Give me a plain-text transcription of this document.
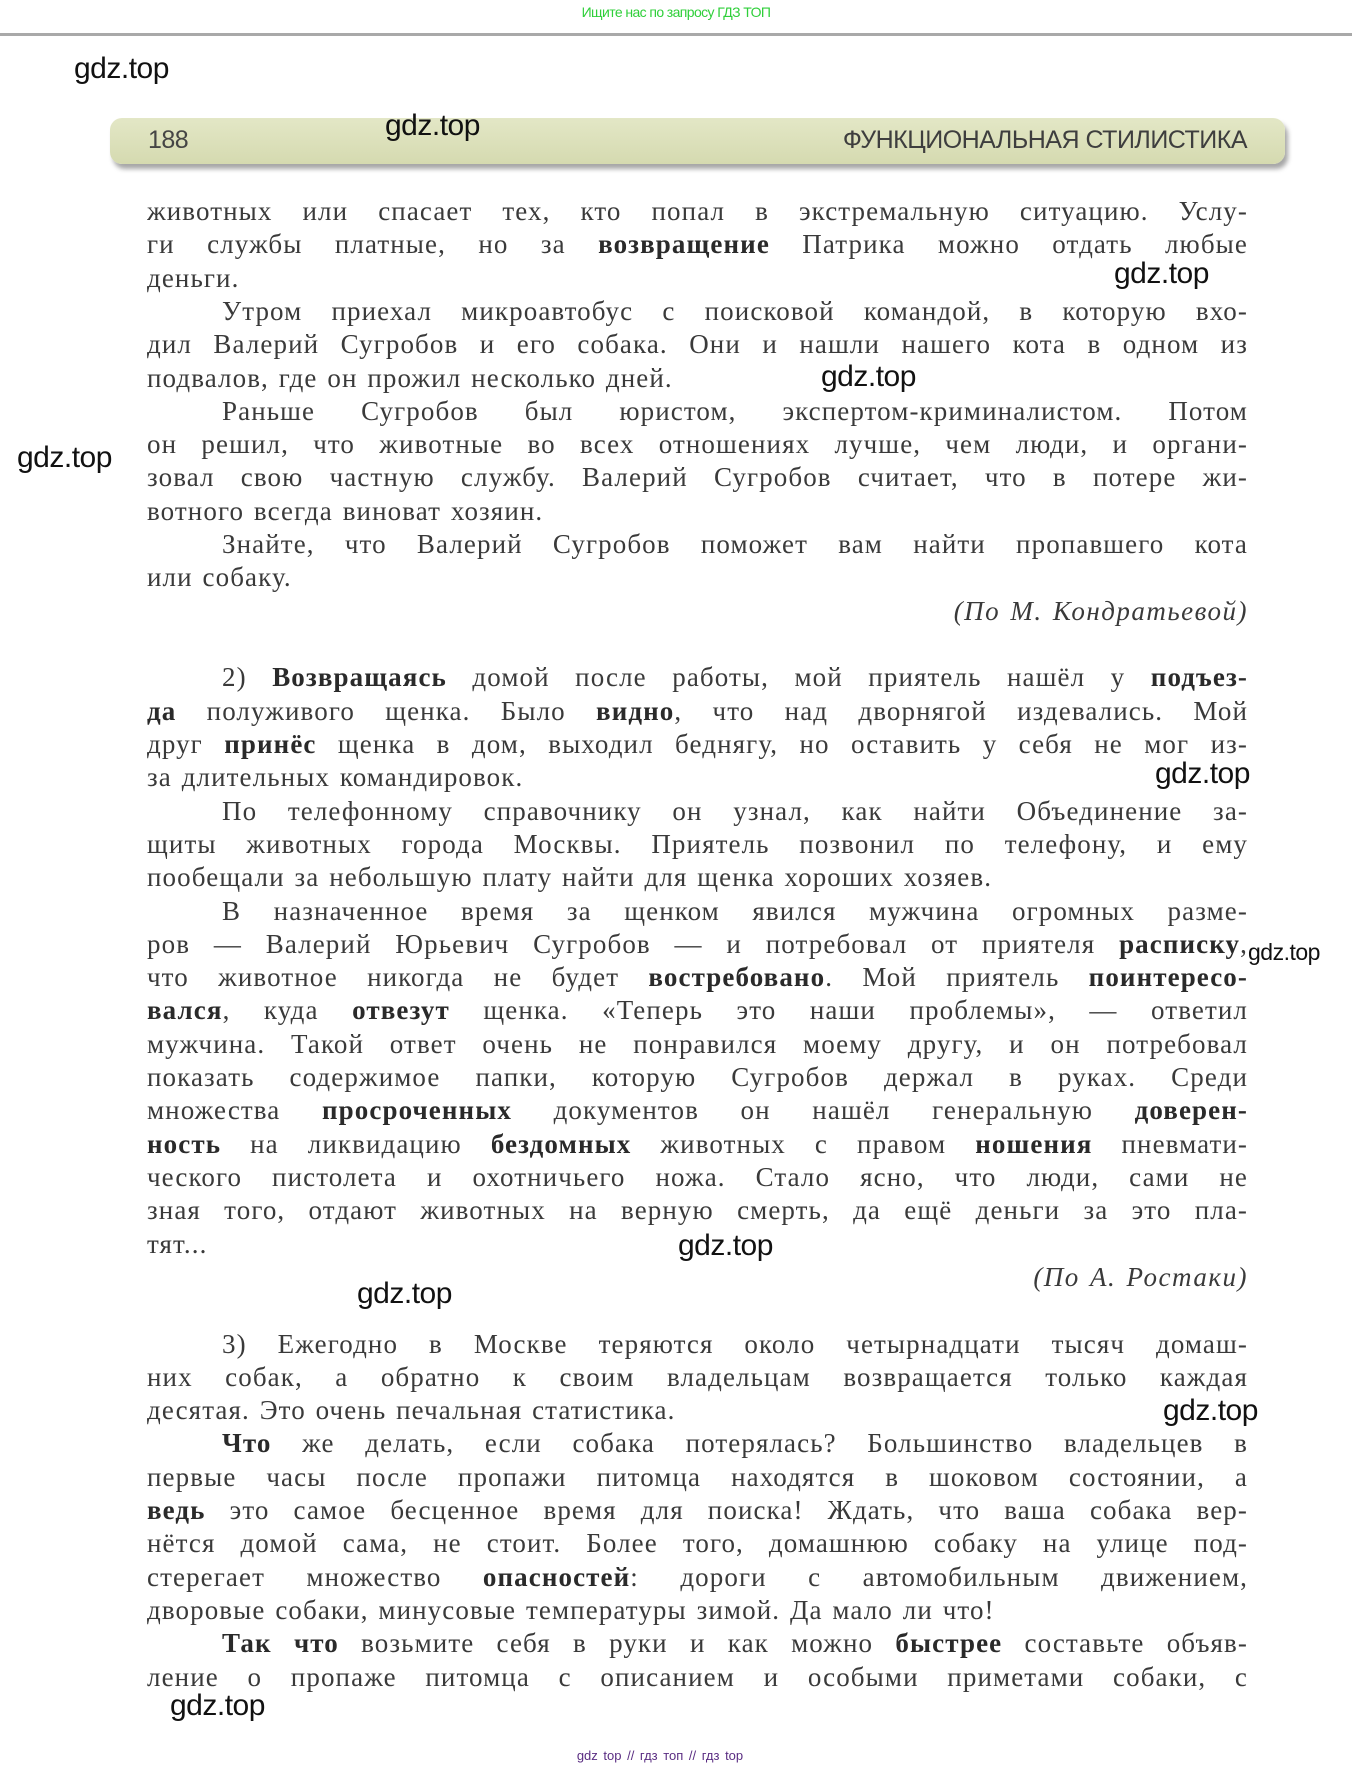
Ищите нас по запросу ГДЗ ТОП
188	ФУНКЦИОНАЛЬНАЯ СТИЛИСТИКА
животных или спасает тех, кто попал в экстремальную ситуацию. Услу-
ги службы платные, но за возвращение Патрика можно отдать любые
деньги.
Утром приехал микроавтобус с поисковой командой, в которую вхо-
дил Валерий Сугробов и его собака. Они и нашли нашего кота в одном из
подвалов, где он прожил несколько дней.
Раньше Сугробов был юристом, экспертом-криминалистом. Потом
он решил, что животные во всех отношениях лучше, чем люди, и органи-
зовал свою частную службу. Валерий Сугробов считает, что в потере жи-
вотного всегда виноват хозяин.
Знайте, что Валерий Сугробов поможет вам найти пропавшего кота
или собаку.
(По М. Кондратьевой)
2) Возвращаясь домой после работы, мой приятель нашёл у подъез-
да полуживого щенка. Было видно, что над дворнягой издевались. Мой
друг принёс щенка в дом, выходил беднягу, но оставить у себя не мог из-
за длительных командировок.
По телефонному справочнику он узнал, как найти Объединение за-
щиты животных города Москвы. Приятель позвонил по телефону, и ему
пообещали за небольшую плату найти для щенка хороших хозяев.
В назначенное время за щенком явился мужчина огромных разме-
ров — Валерий Юрьевич Сугробов — и потребовал от приятеля расписку,
что животное никогда не будет востребовано. Мой приятель поинтересо-
вался, куда отвезут щенка. «Теперь это наши проблемы», — ответил
мужчина. Такой ответ очень не понравился моему другу, и он потребовал
показать содержимое папки, которую Сугробов держал в руках. Среди
множества просроченных документов он нашёл генеральную доверен-
ность на ликвидацию бездомных животных с правом ношения пневмати-
ческого пистолета и охотничьего ножа. Стало ясно, что люди, сами не
зная того, отдают животных на верную смерть, да ещё деньги за это пла-
тят...
(По А. Ростаки)
3) Ежегодно в Москве теряются около четырнадцати тысяч домаш-
них собак, а обратно к своим владельцам возвращается только каждая
десятая. Это очень печальная статистика.
Что же делать, если собака потерялась? Большинство владельцев в
первые часы после пропажи питомца находятся в шоковом состоянии, а
ведь это самое бесценное время для поиска! Ждать, что ваша собака вер-
нётся домой сама, не стоит. Более того, домашнюю собаку на улице под-
стерегает множество опасностей: дороги с автомобильным движением,
дворовые собаки, минусовые температуры зимой. Да мало ли что!
Так что возьмите себя в руки и как можно быстрее составьте объяв-
ление о пропаже питомца с описанием и особыми приметами собаки, с
gdz.top
gdz.top
gdz.top
gdz.top
gdz.top
gdz.top
gdz.top
gdz.top
gdz.top
gdz.top
gdz.top
gdz top // гдз топ // гдз top
